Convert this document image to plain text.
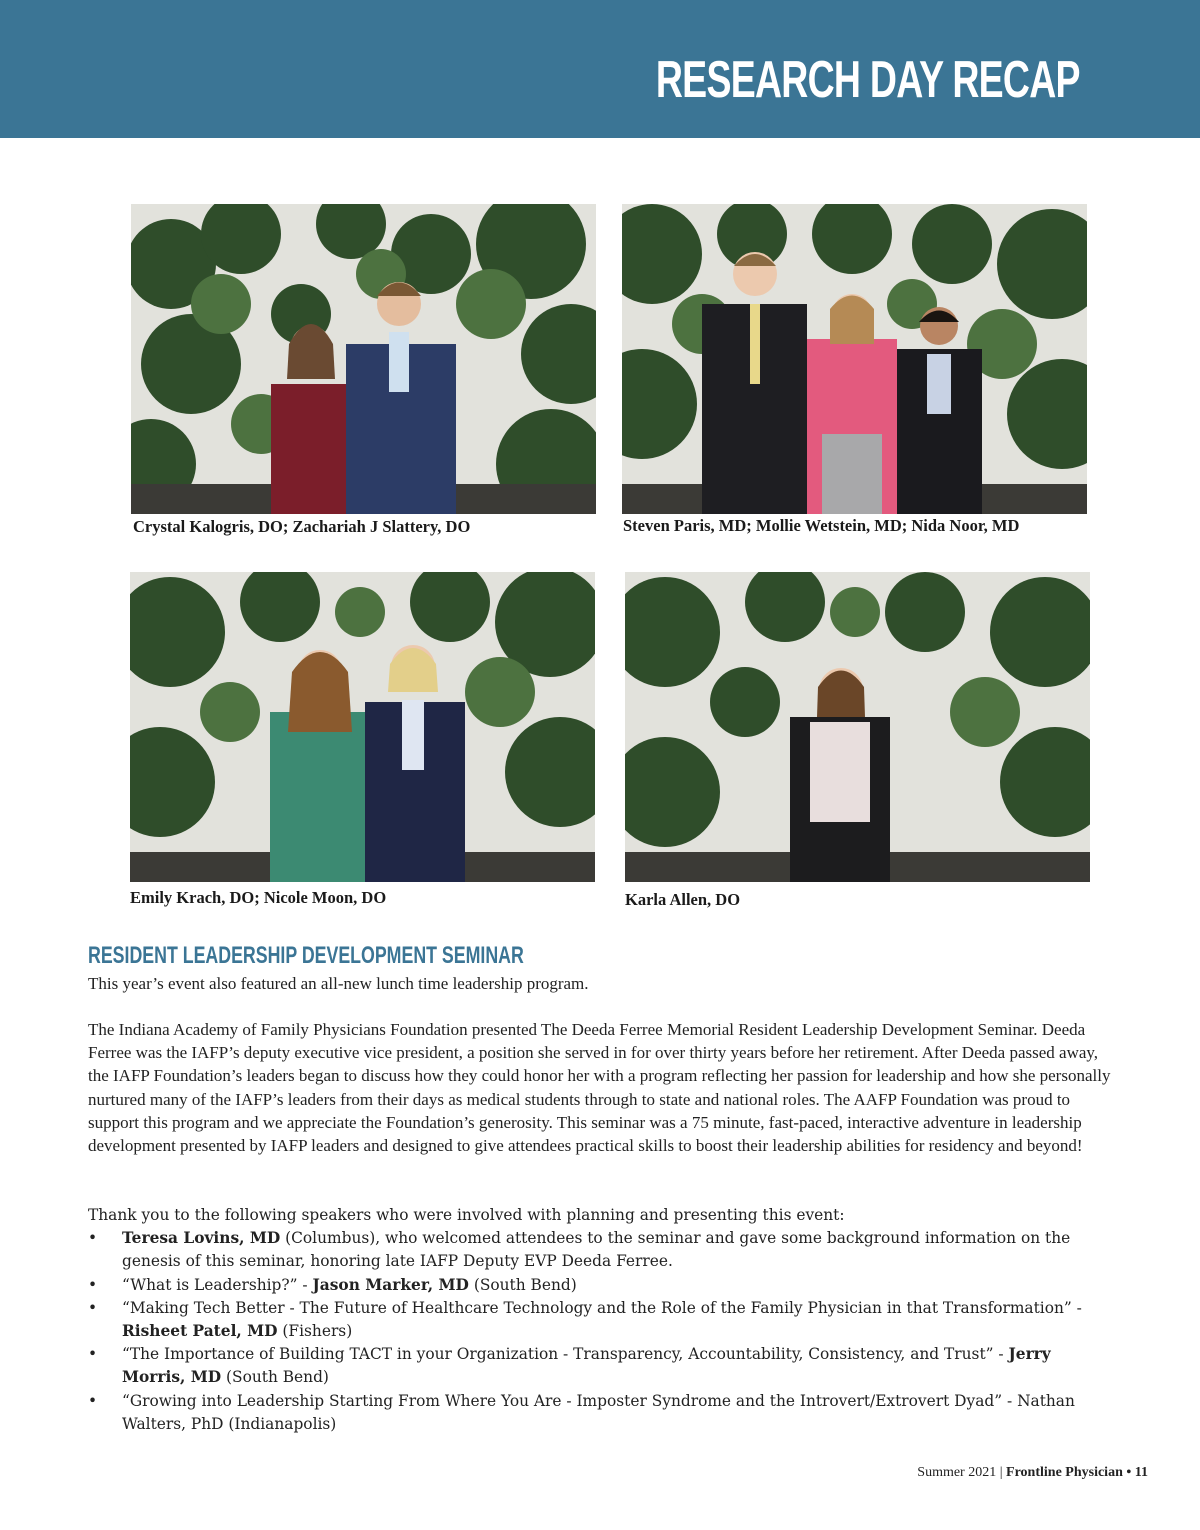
RESEARCH DAY RECAP
Crystal Kalogris, DO; Zachariah J Slattery, DO	Steven Paris, MD; Mollie Wetstein, MD; Nida Noor, MD
Emily Krach, DO; Nicole Moon, DO	Karla Allen, DO
RESIDENT LEADERSHIP DEVELOPMENT SEMINAR

This year’s event also featured an all-new lunch time leadership program.

The Indiana Academy of Family Physicians Foundation presented The Deeda Ferree Memorial Resident Leadership Development Seminar. Deeda Ferree was the IAFP’s deputy executive vice president, a position she served in for over thirty years before her retirement. After Deeda passed away, the IAFP Foundation’s leaders began to discuss how they could honor her with a program reflecting her passion for leadership and how she personally nurtured many of the IAFP’s leaders from their days as medical students through to state and national roles. The AAFP Foundation was proud to support this program and we appreciate the Foundation’s generosity. This seminar was a 75 minute, fast-paced, interactive adventure in leadership development presented by IAFP leaders and designed to give attendees practical skills to boost their leadership abilities for residency and beyond!

Thank you to the following speakers who were involved with planning and presenting this event:

• Teresa Lovins, MD (Columbus), who welcomed attendees to the seminar and gave some background information on the genesis of this seminar, honoring late IAFP Deputy EVP Deeda Ferree.
• “What is Leadership?” - Jason Marker, MD (South Bend)
• “Making Tech Better - The Future of Healthcare Technology and the Role of the Family Physician in that Transformation” - Risheet Patel, MD (Fishers)
• “The Importance of Building TACT in your Organization - Transparency, Accountability, Consistency, and Trust” - Jerry Morris, MD (South Bend)
• “Growing into Leadership Starting From Where You Are - Imposter Syndrome and the Introvert/Extrovert Dyad” - Nathan Walters, PhD (Indianapolis)
Summer 2021 | Frontline Physician • 11
